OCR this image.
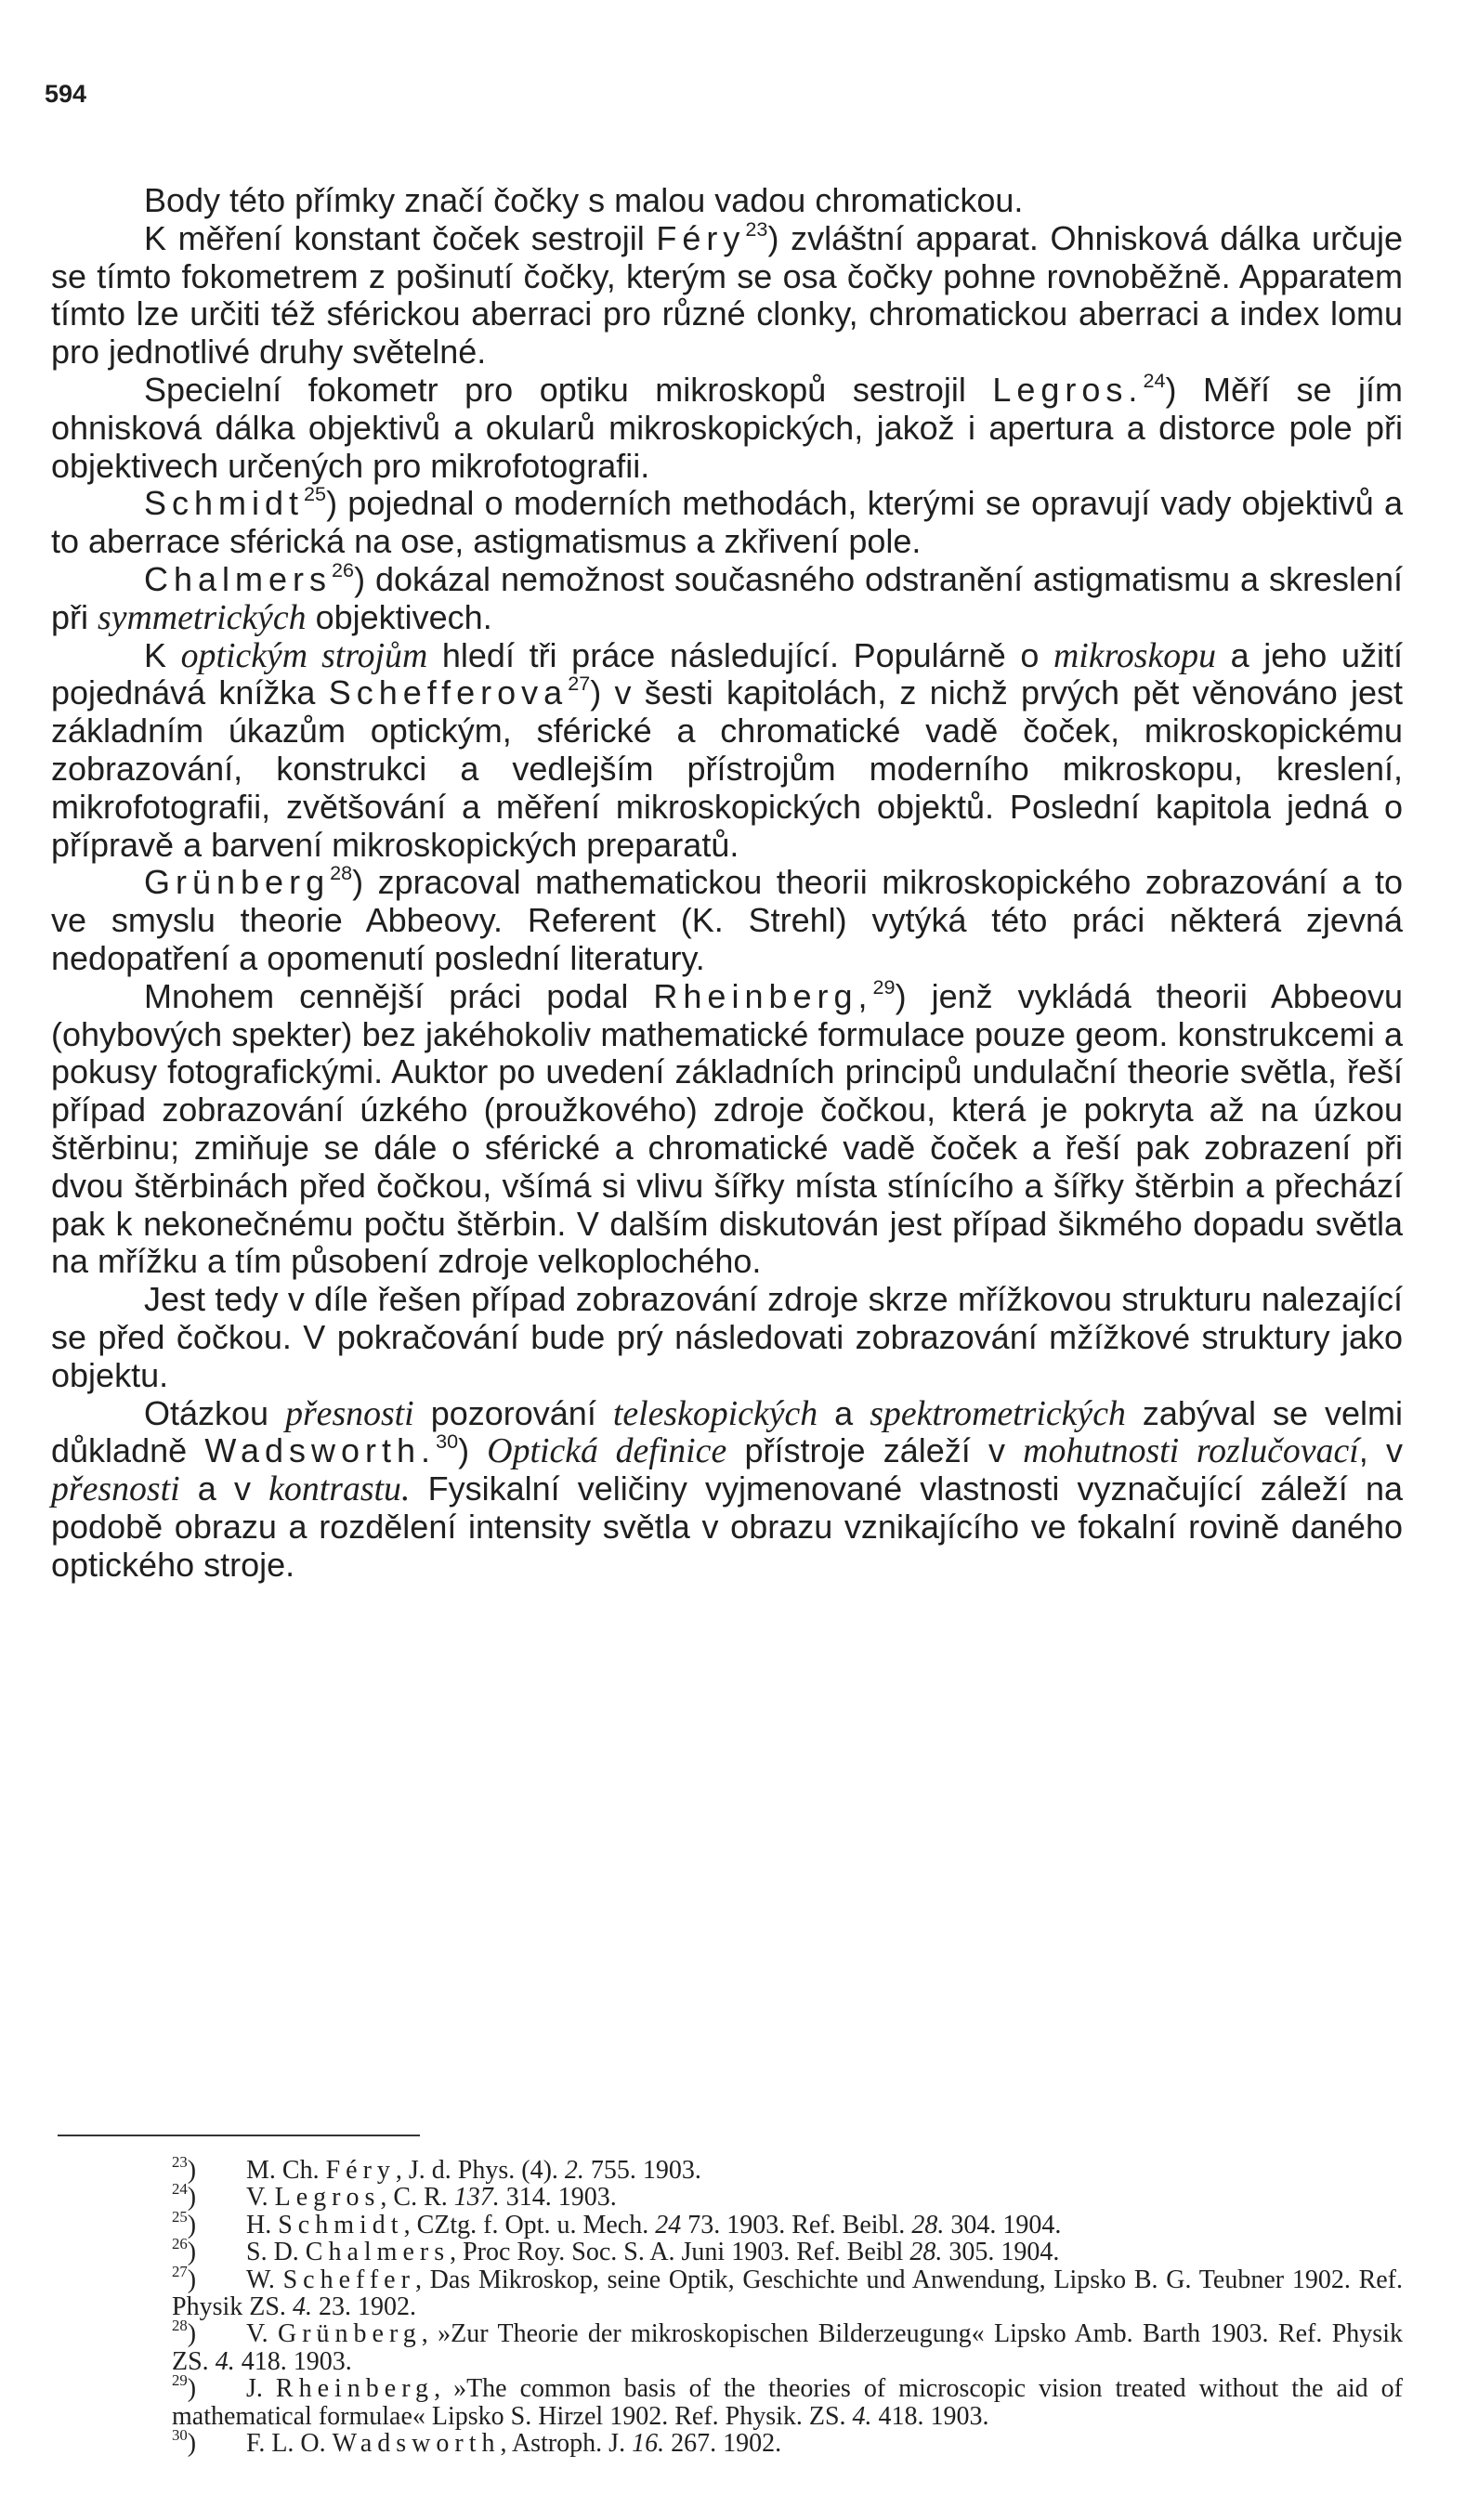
594

Body této přímky značí čočky s malou vadou chromatickou.

K měření konstant čoček sestrojil Féry$^{23}$) zvláštní apparat. Ohnisková dálka určuje se tímto fokometrem z pošinutí čočky, kterým se osa čočky pohne rovnoběžně. Apparatem tímto lze určiti též sférickou aberraci pro různé clonky, chromatickou aberraci a index lomu pro jednotlivé druhy světelné.

Specielní fokometr pro optiku mikroskopů sestrojil Legros.$^{24}$) Měří se jím ohnisková dálka objektivů a okularů mikroskopických, jakož i apertura a distorce pole při objektivech určených pro mikrofotografii.

Schmidt$^{25}$) pojednal o moderních methodách, kterými se opravují vady objektivů a to aberrace sférická na ose, astigmatismus a zkřivení pole.

Chalmers$^{26}$) dokázal nemožnost současného odstranění astigmatismu a skreslení při symmetrických objektivech.

K optickým strojům hledí tři práce následující. Populárně o mikroskopu a jeho užití pojednává knížka Schefferova$^{27}$) v šesti kapitolách, z nichž prvých pět věnováno jest základním úkazům optickým, sférické a chromatické vadě čoček, mikroskopickému zobrazování, konstrukci a vedlejším přístrojům moderního mikroskopu, kreslení, mikrofotografii, zvětšování a měření mikroskopických objektů. Poslední kapitola jedná o přípravě a barvení mikroskopických preparatů.

Grünberg$^{28}$) zpracoval mathematickou theorii mikroskopického zobrazování a to ve smyslu theorie Abbeovy. Referent (K. Strehl) vytýká této práci některá zjevná nedopatření a opomenutí poslední literatury.

Mnohem cennější práci podal Rheinberg,$^{29}$) jenž vykládá theorii Abbeovu (ohybových spekter) bez jakéhokoliv mathematické formulace pouze geom. konstrukcemi a pokusy fotografickými. Auktor po uvedení základních principů undulační theorie světla, řeší případ zobrazování úzkého (proužkového) zdroje čočkou, která je pokryta až na úzkou štěrbinu; zmiňuje se dále o sférické a chromatické vadě čoček a řeší pak zobrazení při dvou štěrbinách před čočkou, všímá si vlivu šířky místa stínícího a šířky štěrbin a přechází pak k nekonečnému počtu štěrbin. V dalším diskutován jest případ šikmého dopadu světla na mřížku a tím působení zdroje velkoplochého.

Jest tedy v díle řešen případ zobrazování zdroje skrze mřížkovou strukturu nalezající se před čočkou. V pokračování bude prý následovati zobrazování mžížkové struktury jako objektu.

Otázkou přesnosti pozorování teleskopických a spektrometrických zabýval se velmi důkladně Wadsworth.$^{30}$) Optická definice přístroje záleží v mohutnosti rozlučovací, v přesnosti a v kontrastu. Fysikalní veličiny vyjmenované vlastnosti vyznačující záleží na podobě obrazu a rozdělení intensity světla v obrazu vznikajícího ve fokalní rovině daného optického stroje.

$^{23}$) M. Ch. Féry, J. d. Phys. (4). 2. 755. 1903.
$^{24}$) V. Legros, C. R. 137. 314. 1903.
$^{25}$) H. Schmidt, CZtg. f. Opt. u. Mech. 24 73. 1903. Ref. Beibl. 28. 304. 1904.
$^{26}$) S. D. Chalmers, Proc Roy. Soc. S. A. Juni 1903. Ref. Beibl 28. 305. 1904.
$^{27}$) W. Scheffer, Das Mikroskop, seine Optik, Geschichte und Anwendung, Lipsko B. G. Teubner 1902. Ref. Physik ZS. 4. 23. 1902.
$^{28}$) V. Grünberg, »Zur Theorie der mikroskopischen Bilderzeugung« Lipsko Amb. Barth 1903. Ref. Physik ZS. 4. 418. 1903.
$^{29}$) J. Rheinberg, »The common basis of the theories of microscopic vision treated without the aid of mathematical formulae« Lipsko S. Hirzel 1902. Ref. Physik. ZS. 4. 418. 1903.
$^{30}$) F. L. O. Wadsworth, Astroph. J. 16. 267. 1902.
